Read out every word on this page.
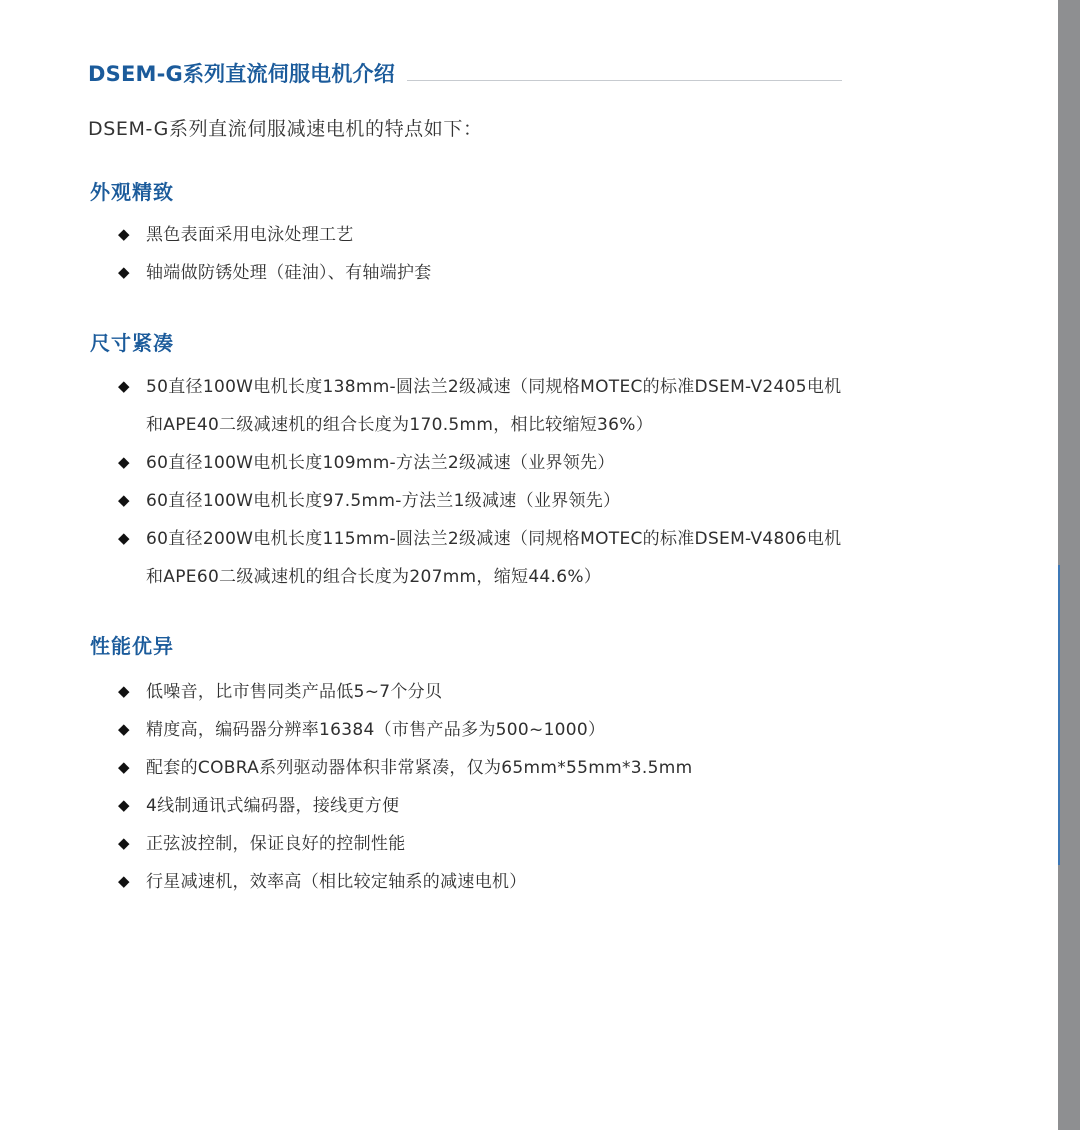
DSEM-G系列直流伺服电机介绍
DSEM-G系列直流伺服减速电机的特点如下：
外观精致
◆ 黑色表面采用电泳处理工艺
◆ 轴端做防锈处理（硅油）、有轴端护套
尺寸紧凑
◆ 50直径100W电机长度138mm-圆法兰2级减速（同规格MOTEC的标准DSEM-V2405电机
和APE40二级减速机的组合长度为170.5mm，相比较缩短36%）
◆ 60直径100W电机长度109mm-方法兰2级减速（业界领先）
◆ 60直径100W电机长度97.5mm-方法兰1级减速（业界领先）
◆ 60直径200W电机长度115mm-圆法兰2级减速（同规格MOTEC的标准DSEM-V4806电机
和APE60二级减速机的组合长度为207mm，缩短44.6%）
性能优异
◆ 低噪音，比市售同类产品低5~7个分贝
◆ 精度高，编码器分辨率16384（市售产品多为500~1000）
◆ 配套的COBRA系列驱动器体积非常紧凑，仅为65mm*55mm*3.5mm
◆ 4线制通讯式编码器，接线更方便
◆ 正弦波控制，保证良好的控制性能
◆ 行星减速机，效率高（相比较定轴系的减速电机）
